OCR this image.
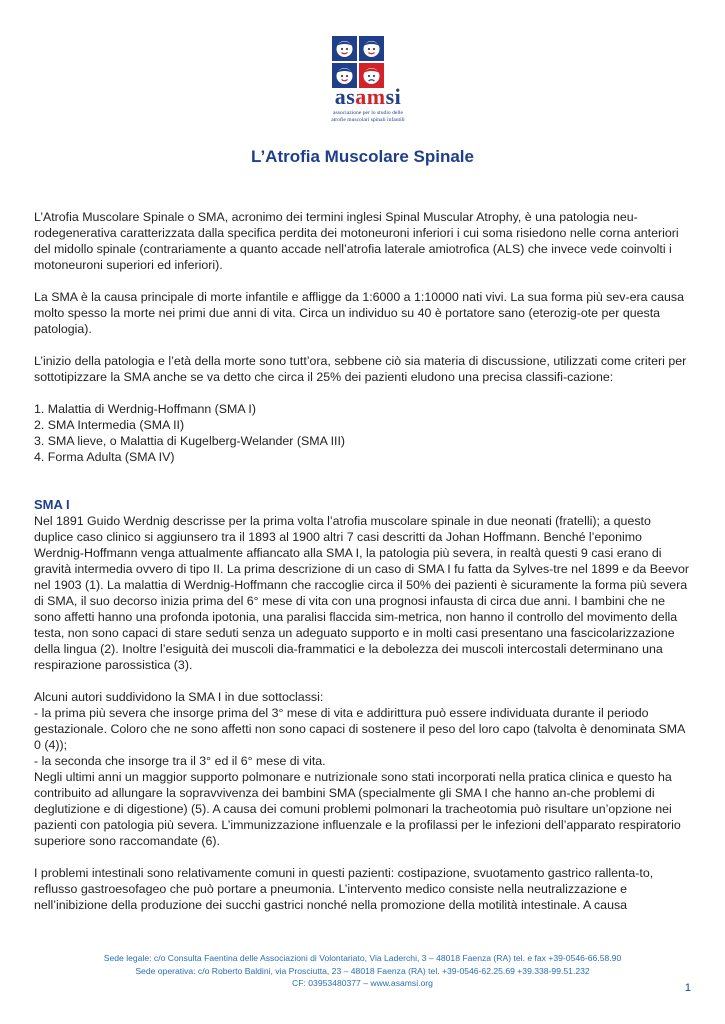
asamsi
associazione per lo studio delle
atrofie muscolari spinali infantili
L’Atrofia Muscolare Spinale

L’Atrofia Muscolare Spinale o SMA, acronimo dei termini inglesi Spinal Muscular Atrophy, è una patologia neu-rodegenerativa caratterizzata dalla specifica perdita dei motoneuroni inferiori i cui soma risiedono nelle corna anteriori del midollo spinale (contrariamente a quanto accade nell’atrofia laterale amiotrofica (ALS) che invece vede coinvolti i motoneuroni superiori ed inferiori).

La SMA è la causa principale di morte infantile e affligge da 1:6000 a 1:10000 nati vivi. La sua forma più sev-era causa molto spesso la morte nei primi due anni di vita. Circa un individuo su 40 è portatore sano (eterozig-ote per questa patologia).

L’inizio della patologia e l’età della morte sono tutt’ora, sebbene ciò sia materia di discussione, utilizzati come criteri per sottotipizzare la SMA anche se va detto che circa il 25% dei pazienti eludono una precisa classifi-cazione:

1. Malattia di Werdnig-Hoffmann (SMA I)
2. SMA Intermedia (SMA II)
3. SMA lieve, o Malattia di Kugelberg-Welander (SMA III)
4. Forma Adulta (SMA IV)
SMA I

Nel 1891 Guido Werdnig descrisse per la prima volta l’atrofia muscolare spinale in due neonati (fratelli); a questo duplice caso clinico si aggiunsero tra il 1893 al 1900 altri 7 casi descritti da Johan Hoffmann. Benché l’eponimo Werdnig-Hoffmann venga attualmente affiancato alla SMA I, la patologia più severa, in realtà questi 9 casi erano di gravità intermedia ovvero di tipo II. La prima descrizione di un caso di SMA I fu fatta da Sylves-tre nel 1899 e da Beevor nel 1903 (1). La malattia di Werdnig-Hoffmann che raccoglie circa il 50% dei pazienti è sicuramente la forma più severa di SMA, il suo decorso inizia prima del 6° mese di vita con una prognosi infausta di circa due anni. I bambini che ne sono affetti hanno una profonda ipotonia, una paralisi flaccida sim-metrica, non hanno il controllo del movimento della testa, non sono capaci di stare seduti senza un adeguato supporto e in molti casi presentano una fascicolarizzazione della lingua (2). Inoltre l’esiguità dei muscoli dia-frammatici e la debolezza dei muscoli intercostali determinano una respirazione parossistica (3).

Alcuni autori suddividono la SMA I in due sottoclassi:

- la prima più severa che insorge prima del 3° mese di vita e addirittura può essere individuata durante il periodo gestazionale. Coloro che ne sono affetti non sono capaci di sostenere il peso del loro capo (talvolta è denominata SMA 0 (4));

- la seconda che insorge tra il 3° ed il 6° mese di vita.

Negli ultimi anni un maggior supporto polmonare e nutrizionale sono stati incorporati nella pratica clinica e questo ha contribuito ad allungare la sopravvivenza dei bambini SMA (specialmente gli SMA I che hanno an-che problemi di deglutizione e di digestione) (5). A causa dei comuni problemi polmonari la tracheotomia può risultare un’opzione nei pazienti con patologia più severa. L’immunizzazione influenzale e la profilassi per le infezioni dell’apparato respiratorio superiore sono raccomandate (6).

I problemi intestinali sono relativamente comuni in questi pazienti: costipazione, svuotamento gastrico rallenta-to, reflusso gastroesofageo che può portare a pneumonia. L’intervento medico consiste nella neutralizzazione e nell’inibizione della produzione dei succhi gastrici nonché nella promozione della motilità intestinale. A causa

Sede legale: c/o Consulta Faentina delle Associazioni di Volontariato, Via Laderchi, 3 – 48018 Faenza (RA) tel. e fax +39-0546-66.58.90
Sede operativa: c/o Roberto Baldini, via Prosciutta, 23 – 48018 Faenza (RA) tel. +39-0546-62.25.69 +39.338-99.51.232
CF: 03953480377 – www.asamsi.org	1
